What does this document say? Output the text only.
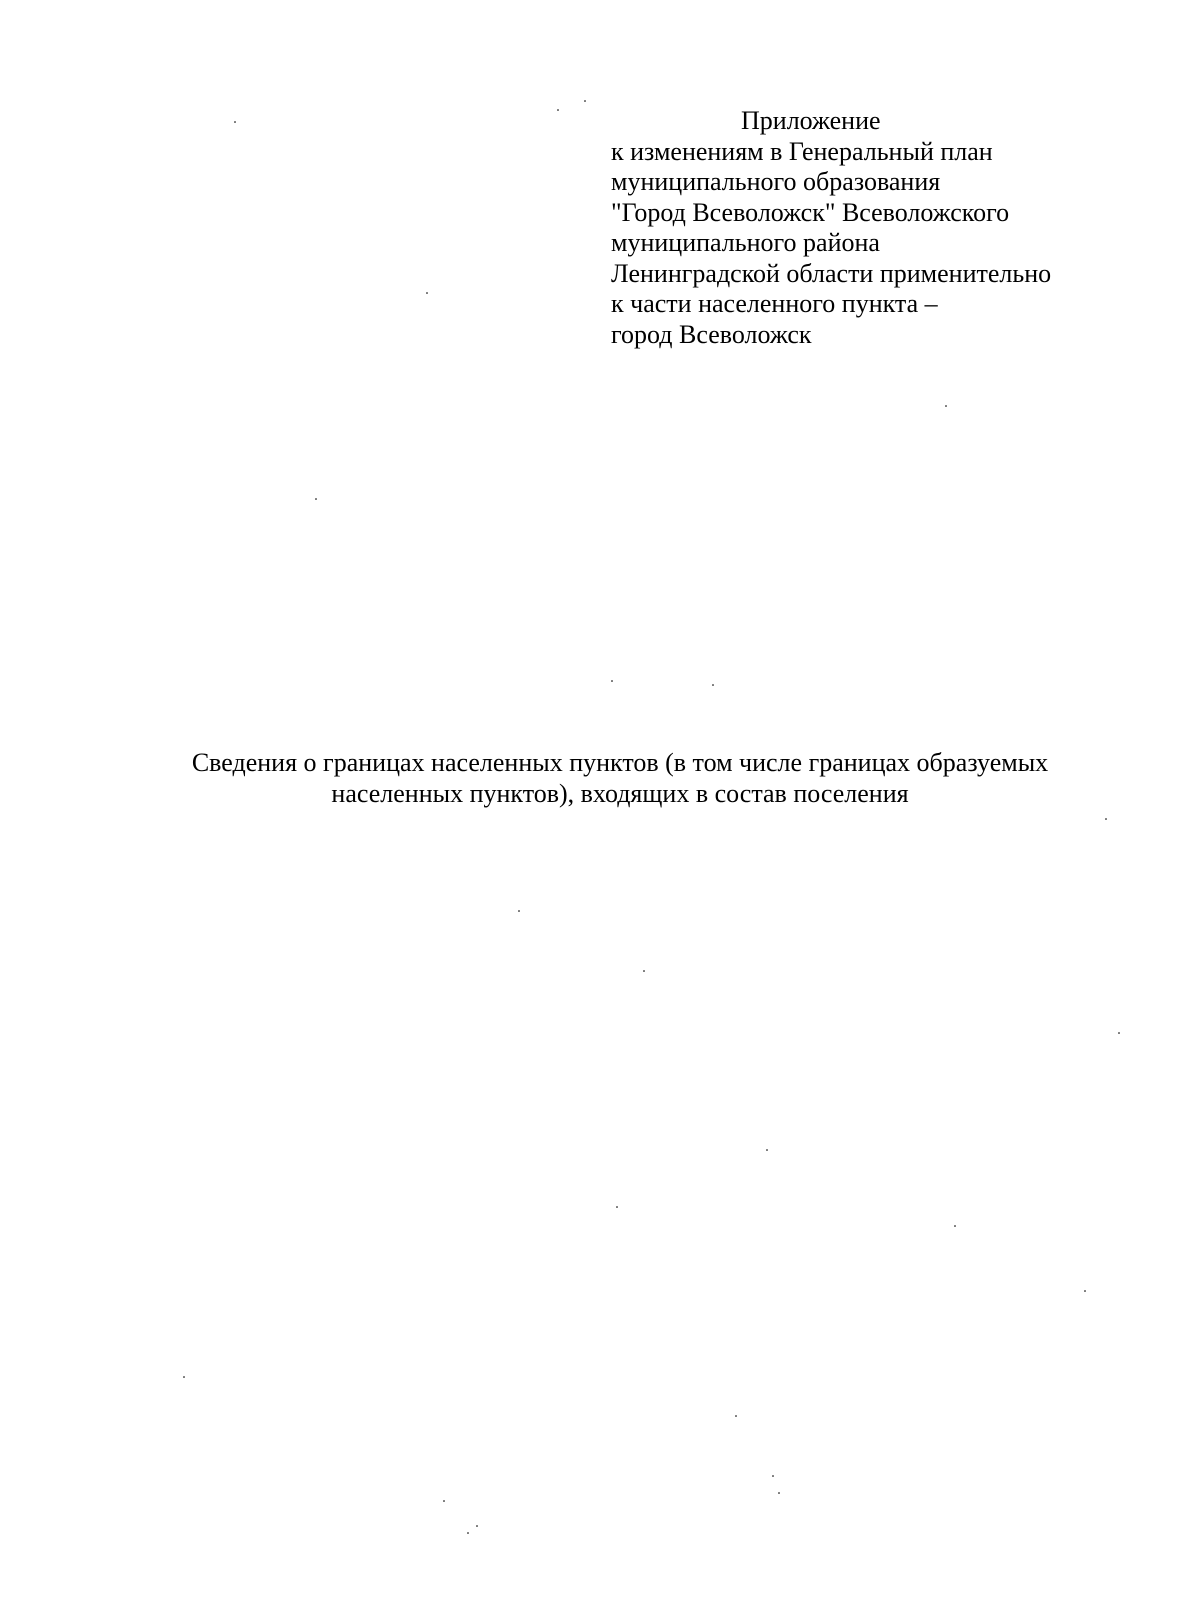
Приложение
к изменениям в Генеральный план
муниципального образования
"Город Всеволожск" Всеволожского
муниципального района
Ленинградской области применительно
к части населенного пункта –
город Всеволожск
Сведения о границах населенных пунктов (в том числе границах образуемых
населенных пунктов), входящих в состав поселения
